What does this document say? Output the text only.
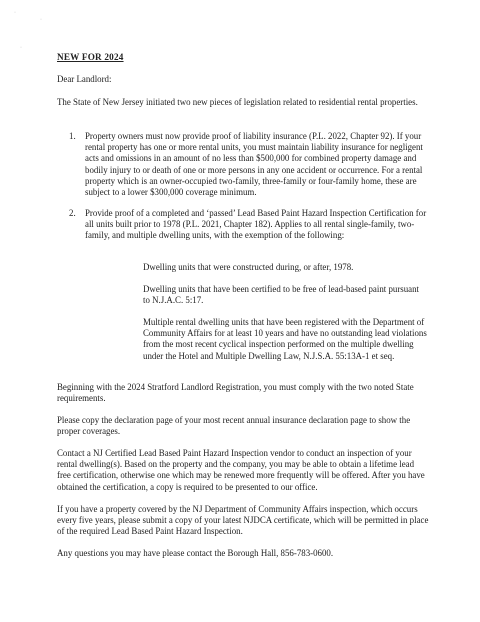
·
·
·
NEW FOR 2024
Dear Landlord:
The State of New Jersey initiated two new pieces of legislation related to residential rental properties.
1. Property owners must now provide proof of liability insurance (P.L. 2022, Chapter 92). If your rental property has one or more rental units, you must maintain liability insurance for negligent acts and omissions in an amount of no less than $500,000 for combined property damage and bodily injury to or death of one or more persons in any one accident or occurrence. For a rental property which is an owner-occupied two-family, three-family or four-family home, these are subject to a lower $300,000 coverage minimum.
2. Provide proof of a completed and ‘passed’ Lead Based Paint Hazard Inspection Certification for all units built prior to 1978 (P.L. 2021, Chapter 182). Applies to all rental single-family, two-family, and multiple dwelling units, with the exemption of the following:
Dwelling units that were constructed during, or after, 1978.
Dwelling units that have been certified to be free of lead-based paint pursuant to N.J.A.C. 5:17.
Multiple rental dwelling units that have been registered with the Department of Community Affairs for at least 10 years and have no outstanding lead violations from the most recent cyclical inspection performed on the multiple dwelling under the Hotel and Multiple Dwelling Law, N.J.S.A. 55:13A-1 et seq.
Beginning with the 2024 Stratford Landlord Registration, you must comply with the two noted State requirements.
Please copy the declaration page of your most recent annual insurance declaration page to show the proper coverages.
Contact a NJ Certified Lead Based Paint Hazard Inspection vendor to conduct an inspection of your rental dwelling(s). Based on the property and the company, you may be able to obtain a lifetime lead free certification, otherwise one which may be renewed more frequently will be offered. After you have obtained the certification, a copy is required to be presented to our office.
If you have a property covered by the NJ Department of Community Affairs inspection, which occurs every five years, please submit a copy of your latest NJDCA certificate, which will be permitted in place of the required Lead Based Paint Hazard Inspection.
Any questions you may have please contact the Borough Hall, 856-783-0600.
